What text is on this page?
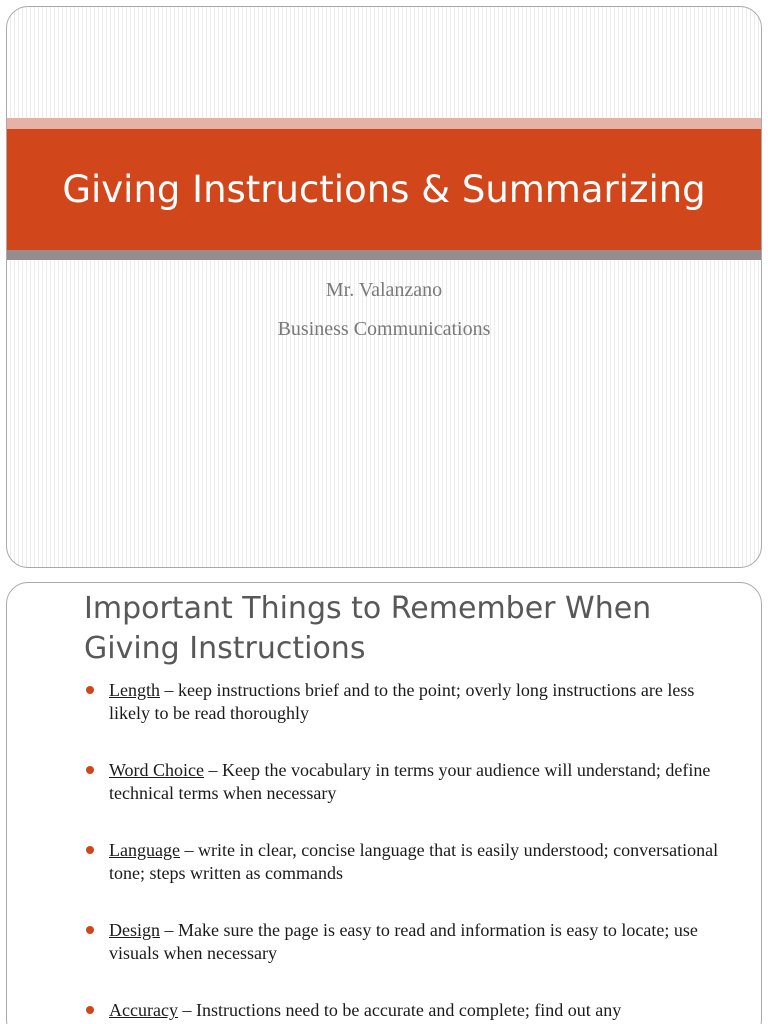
Giving Instructions & Summarizing

Mr. Valanzano

Business Communications

Important Things to Remember When Giving Instructions
Length – keep instructions brief and to the point; overly long instructions are less likely to be read thoroughly
Word Choice – Keep the vocabulary in terms your audience will understand; define technical terms when necessary
Language – write in clear, concise language that is easily understood; conversational tone; steps written as commands
Design – Make sure the page is easy to read and information is easy to locate; use visuals when necessary
Accuracy – Instructions need to be accurate and complete; find out any
